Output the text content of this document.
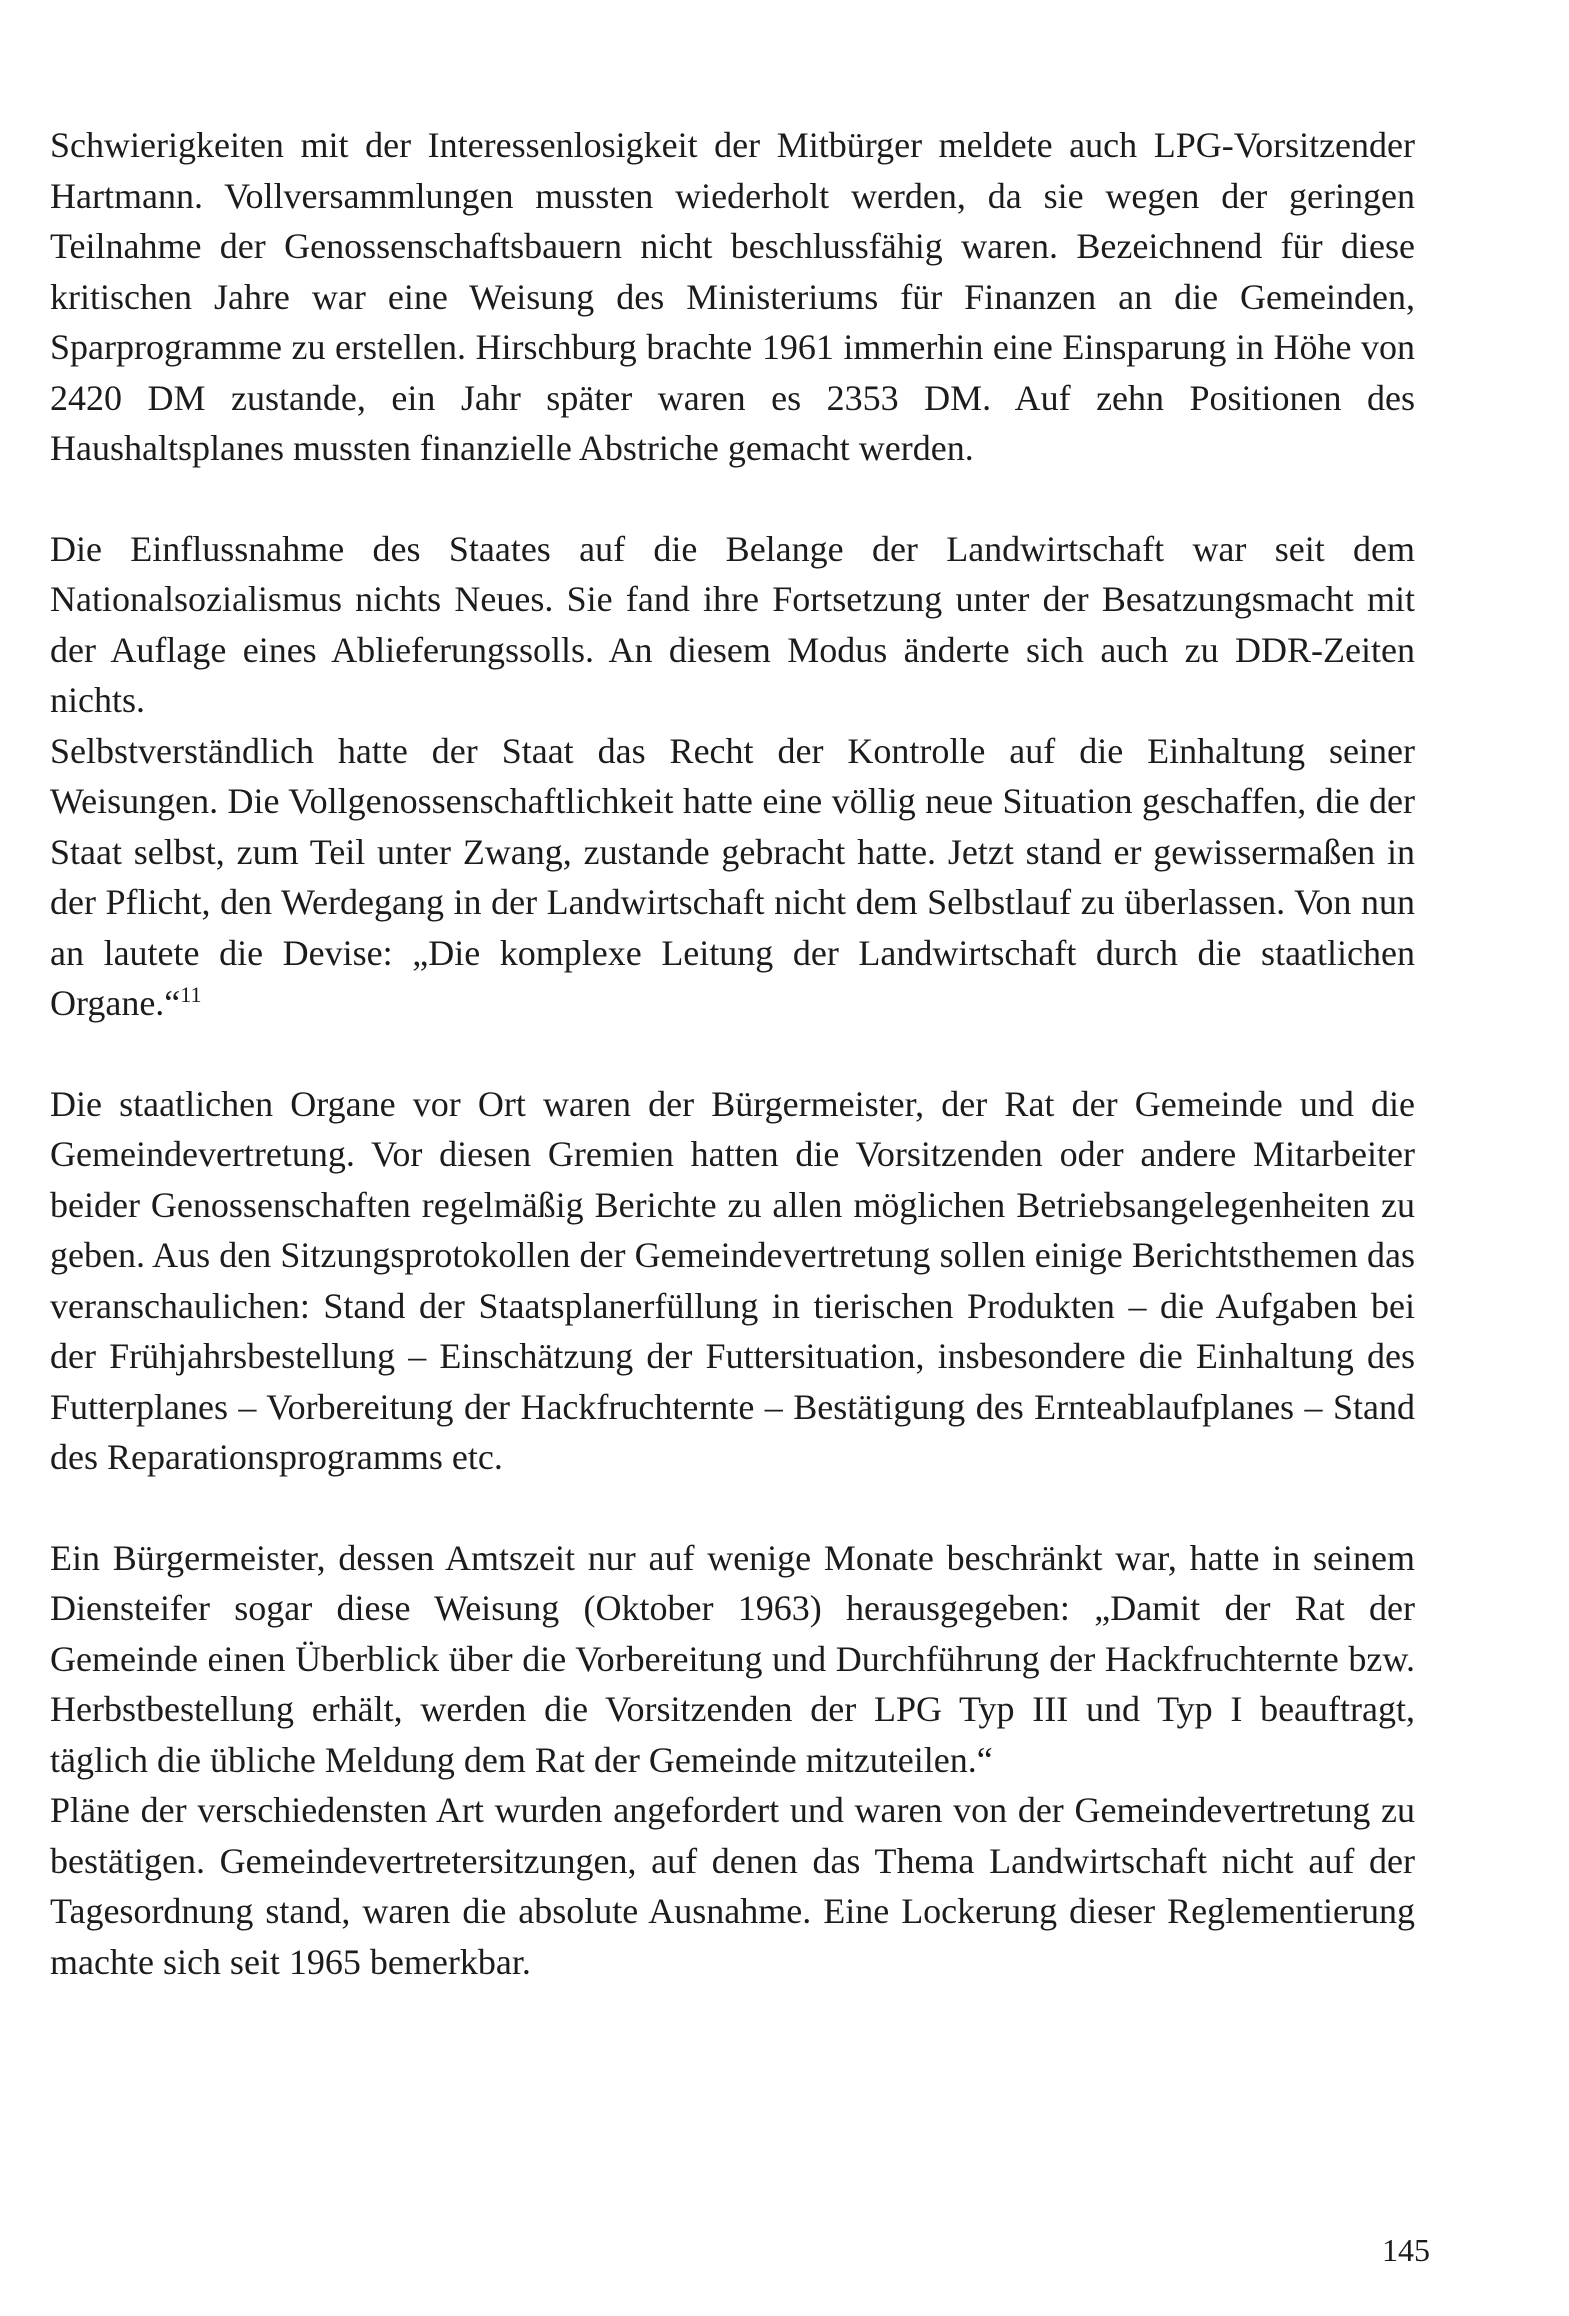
Schwierigkeiten mit der Interessenlosigkeit der Mitbürger meldete auch LPG-Vorsitzender Hartmann. Vollversammlungen mussten wiederholt werden, da sie wegen der geringen Teilnahme der Genossenschaftsbauern nicht beschlussfähig waren. Bezeichnend für diese kritischen Jahre war eine Weisung des Ministeriums für Finanzen an die Gemeinden, Sparprogramme zu erstellen. Hirschburg brachte 1961 immerhin eine Einsparung in Höhe von 2420 DM zustande, ein Jahr später waren es 2353 DM. Auf zehn Positionen des Haushaltsplanes mussten finanzielle Abstriche gemacht werden.

Die Einflussnahme des Staates auf die Belange der Landwirtschaft war seit dem Nationalsozialismus nichts Neues. Sie fand ihre Fortsetzung unter der Besatzungsmacht mit der Auflage eines Ablieferungssolls. An diesem Modus änderte sich auch zu DDR-Zeiten nichts.

Selbstverständlich hatte der Staat das Recht der Kontrolle auf die Einhaltung seiner Weisungen. Die Vollgenossenschaftlichkeit hatte eine völlig neue Situation geschaffen, die der Staat selbst, zum Teil unter Zwang, zustande gebracht hatte. Jetzt stand er gewissermaßen in der Pflicht, den Werdegang in der Landwirtschaft nicht dem Selbstlauf zu überlassen. Von nun an lautete die Devise: „Die komplexe Leitung der Landwirtschaft durch die staatlichen Organe.“$^{11}$

Die staatlichen Organe vor Ort waren der Bürgermeister, der Rat der Gemeinde und die Gemeindevertretung. Vor diesen Gremien hatten die Vorsitzenden oder andere Mitarbeiter beider Genossenschaften regelmäßig Berichte zu allen möglichen Betriebsangelegenheiten zu geben. Aus den Sitzungsprotokollen der Gemeindevertretung sollen einige Berichtsthemen das veranschaulichen: Stand der Staatsplanerfüllung in tierischen Produkten – die Aufgaben bei der Frühjahrsbestellung – Einschätzung der Futtersituation, insbesondere die Einhaltung des Futterplanes – Vorbereitung der Hackfruchternte – Bestätigung des Ernteablaufplanes – Stand des Reparationsprogramms etc.

Ein Bürgermeister, dessen Amtszeit nur auf wenige Monate beschränkt war, hatte in seinem Diensteifer sogar diese Weisung (Oktober 1963) herausgegeben: „Damit der Rat der Gemeinde einen Überblick über die Vorbereitung und Durchführung der Hackfruchternte bzw. Herbstbestellung erhält, werden die Vorsitzenden der LPG Typ III und Typ I beauftragt, täglich die übliche Meldung dem Rat der Gemeinde mitzuteilen.“

Pläne der verschiedensten Art wurden angefordert und waren von der Gemeindevertretung zu bestätigen. Gemeindevertretersitzungen, auf denen das Thema Landwirtschaft nicht auf der Tagesordnung stand, waren die absolute Ausnahme. Eine Lockerung dieser Reglementierung machte sich seit 1965 bemerkbar.

145
